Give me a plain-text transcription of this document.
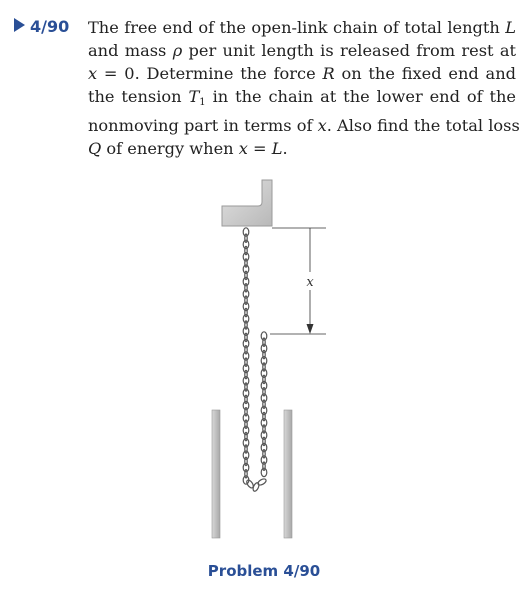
4/90 The free end of the open-link chain of total length L
and mass ρ per unit length is released from rest at
x = 0. Determine the force R on the fixed end and
the tension $T_1$ in the chain at the lower end of the
nonmoving part in terms of x. Also find the total loss
Q of energy when x = L.
x
Problem 4/90
